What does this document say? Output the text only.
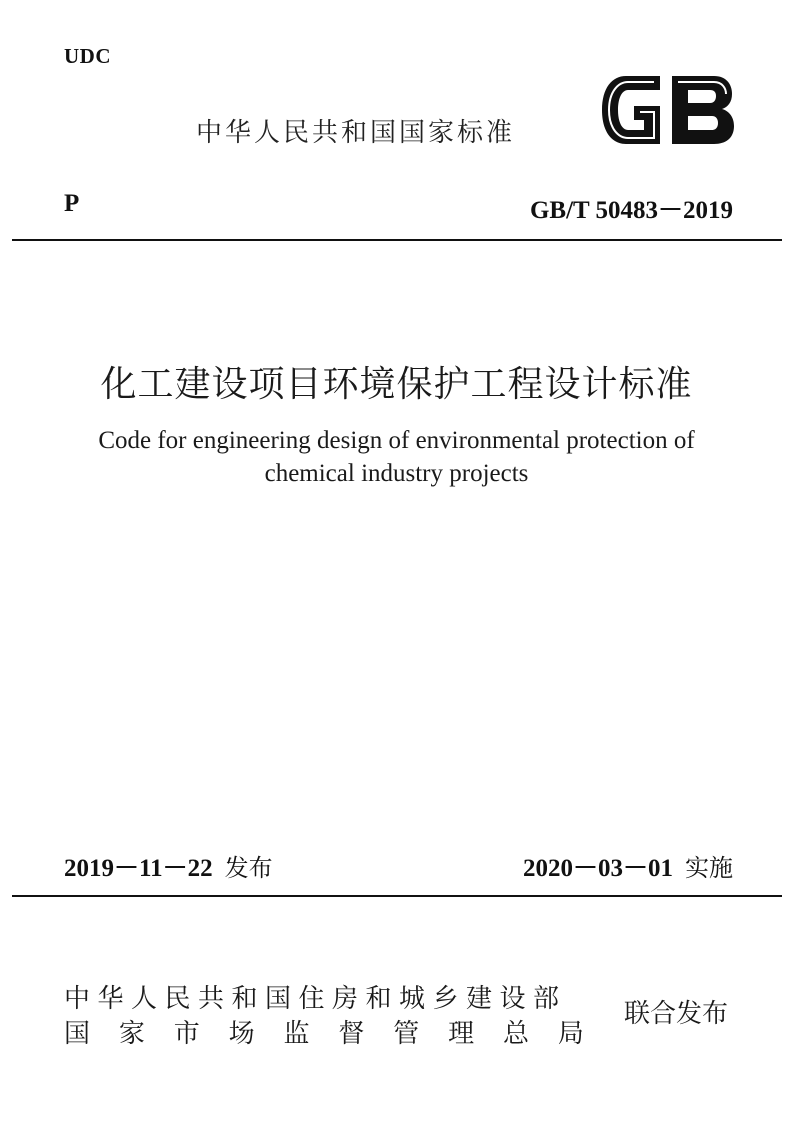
UDC
中华人民共和国国家标准
P	GB/T 50483－2019
化工建设项目环境保护工程设计标准
Code for engineering design of environmental protection of
chemical industry projects
2019－11－22 发布	2020－03－01 实施
中华人民共和国住房和城乡建设部
国 家 市 场 监 督 管 理 总 局
联合发布
